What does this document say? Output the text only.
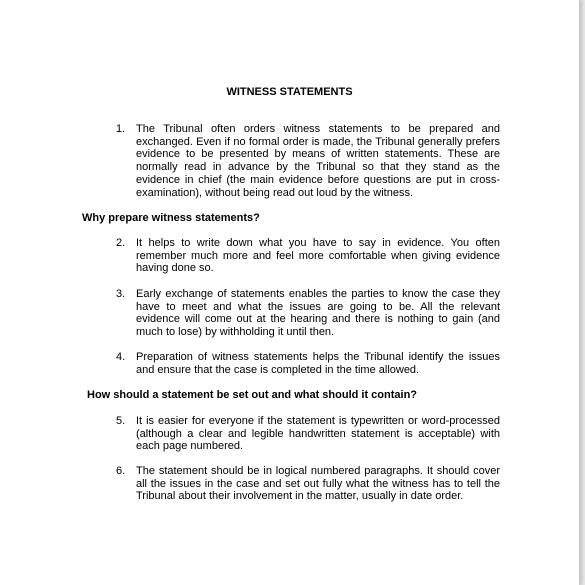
WITNESS STATEMENTS

1. The Tribunal often orders witness statements to be prepared and exchanged. Even if no formal order is made, the Tribunal generally prefers evidence to be presented by means of written statements. These are normally read in advance by the Tribunal so that they stand as the evidence in chief (the main evidence before questions are put in cross-examination), without being read out loud by the witness.

Why prepare witness statements?

2. It helps to write down what you have to say in evidence. You often remember much more and feel more comfortable when giving evidence having done so.

3. Early exchange of statements enables the parties to know the case they have to meet and what the issues are going to be. All the relevant evidence will come out at the hearing and there is nothing to gain (and much to lose) by withholding it until then.

4. Preparation of witness statements helps the Tribunal identify the issues and ensure that the case is completed in the time allowed.

How should a statement be set out and what should it contain?

5. It is easier for everyone if the statement is typewritten or word-processed (although a clear and legible handwritten statement is acceptable) with each page numbered.

6. The statement should be in logical numbered paragraphs. It should cover all the issues in the case and set out fully what the witness has to tell the Tribunal about their involvement in the matter, usually in date order.
